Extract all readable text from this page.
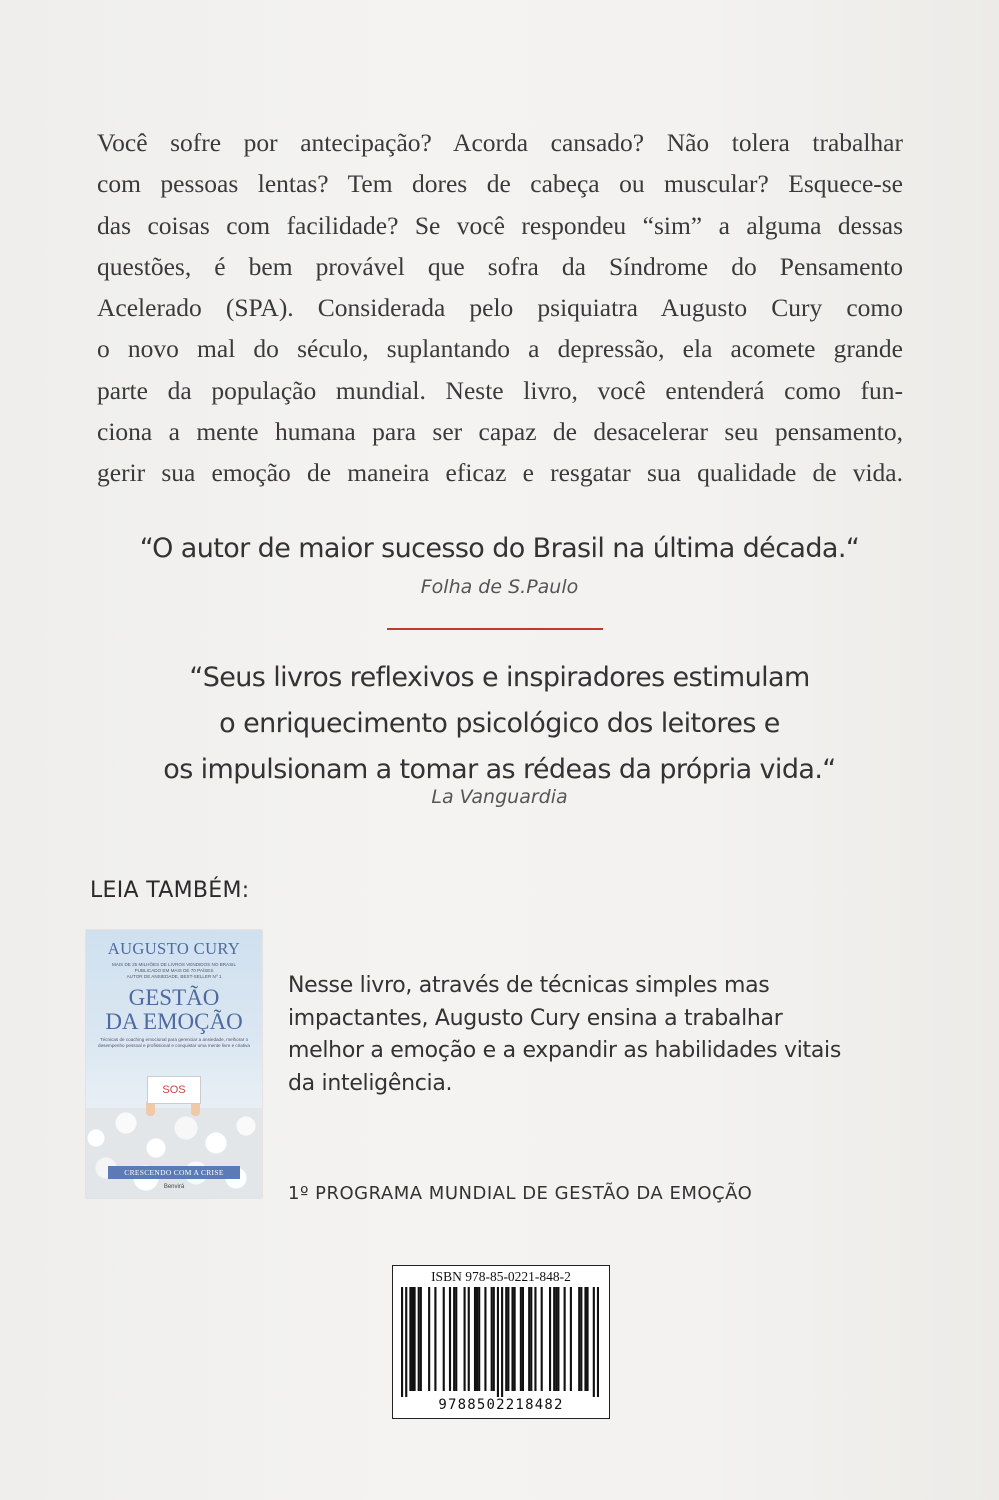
Você sofre por antecipação? Acorda cansado? Não tolera trabalhar
com pessoas lentas? Tem dores de cabeça ou muscular? Esquece-se
das coisas com facilidade? Se você respondeu “sim” a alguma dessas
questões, é bem provável que sofra da Síndrome do Pensamento
Acelerado (SPA). Considerada pelo psiquiatra Augusto Cury como
o novo mal do século, suplantando a depressão, ela acomete grande
parte da população mundial. Neste livro, você entenderá como fun-
ciona a mente humana para ser capaz de desacelerar seu pensamento,
gerir sua emoção de maneira eficaz e resgatar sua qualidade de vida.
“O autor de maior sucesso do Brasil na última década.“
Folha de S.Paulo
“Seus livros reflexivos e inspiradores estimulam
o enriquecimento psicológico dos leitores e
os impulsionam a tomar as rédeas da própria vida.“
La Vanguardia
LEIA TAMBÉM:
AUGUSTO CURY
MAIS DE 25 MILHÕES DE LIVROS VENDIDOS NO BRASIL
PUBLICADO EM MAIS DE 70 PAÍSES
AUTOR DE ANSIEDADE, BEST-SELLER Nº 1
GESTÃO
DA EMOÇÃO
Técnicas de coaching emocional para gerenciar a ansiedade, melhorar o desempenho pessoal e profissional e conquistar uma mente livre e criativa
SOS
CRESCENDO COM A CRISE
Benvirá
Nesse livro, através de técnicas simples mas
impactantes, Augusto Cury ensina a trabalhar
melhor a emoção e a expandir as habilidades vitais
da inteligência.
1º PROGRAMA MUNDIAL DE GESTÃO DA EMOÇÃO
ISBN 978-85-0221-848-2
9788502218482
